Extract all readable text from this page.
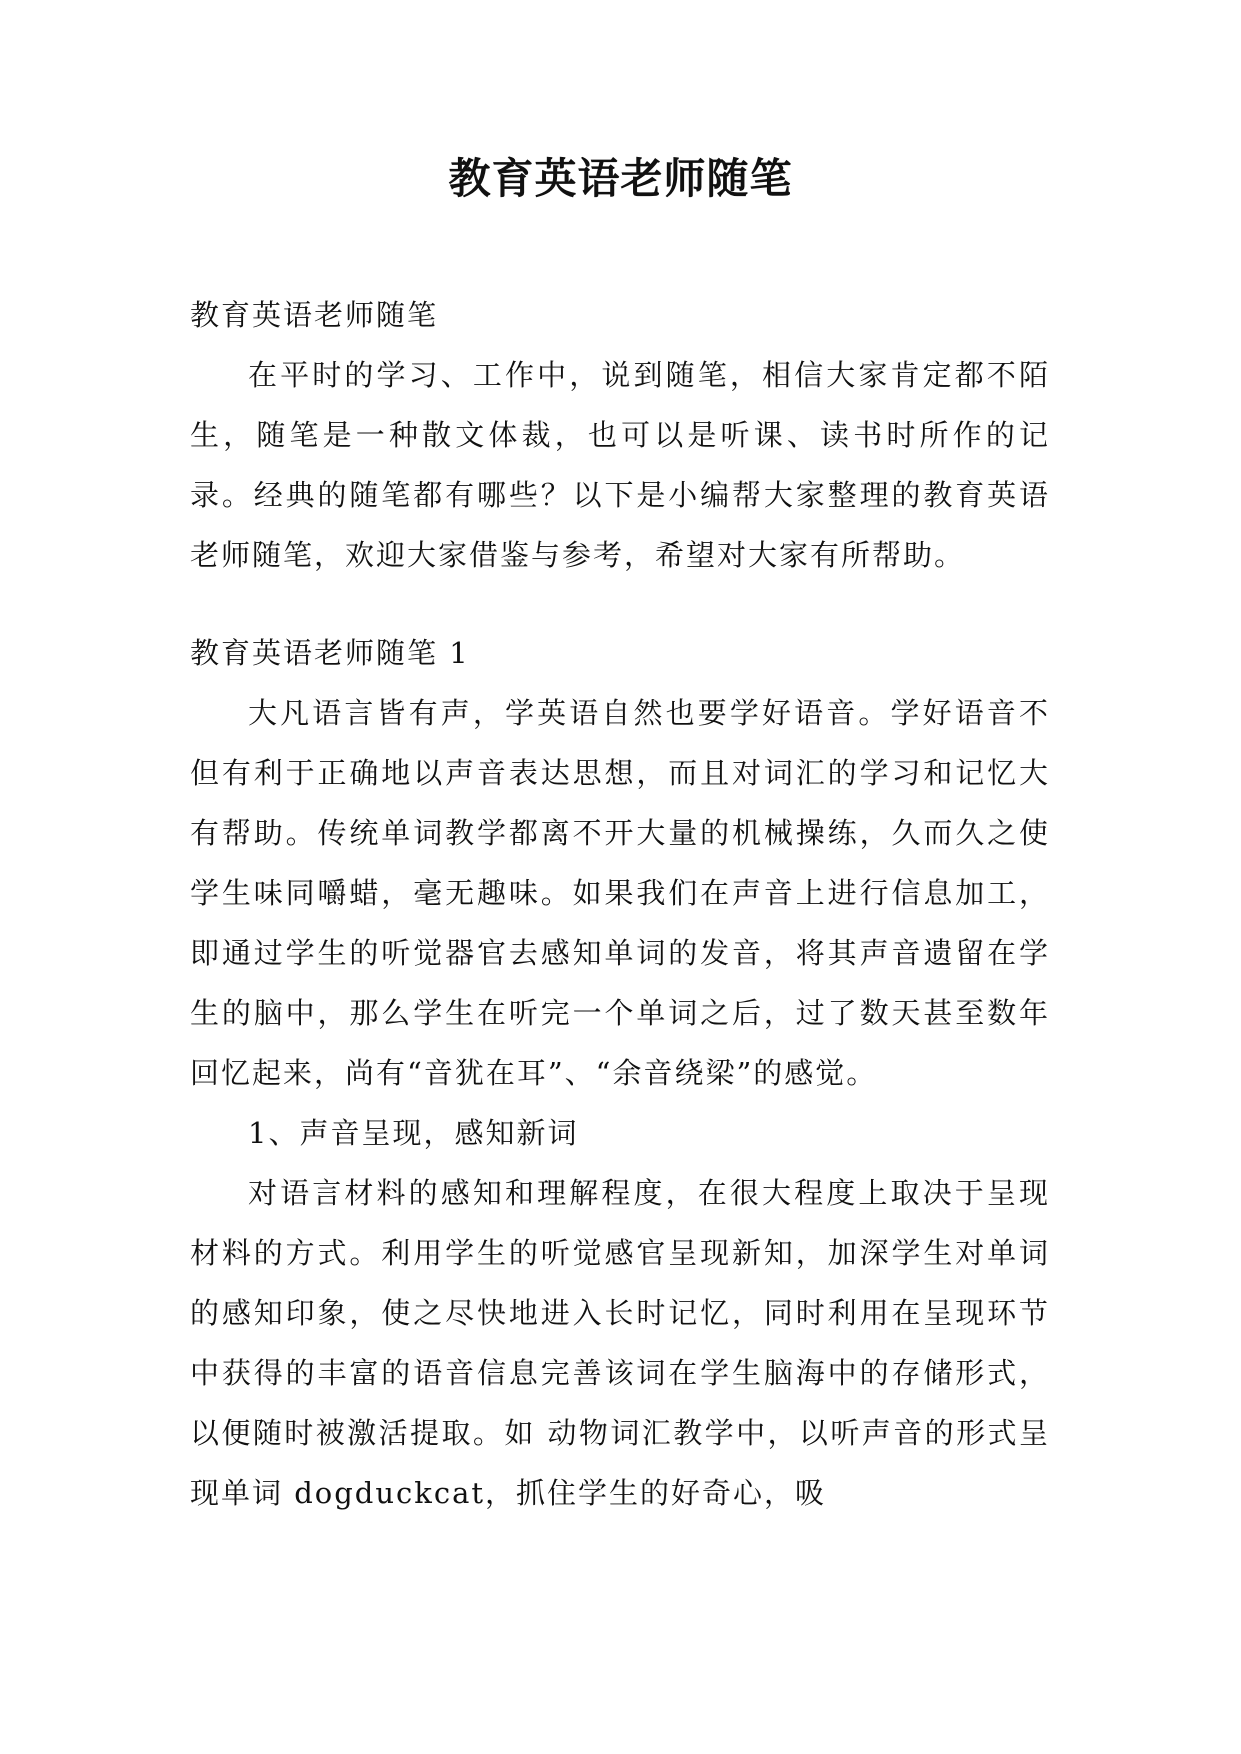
教育英语老师随笔

教育英语老师随笔

在平时的学习、工作中，说到随笔，相信大家肯定都不陌生，随笔是一种散文体裁，也可以是听课、读书时所作的记录。经典的随笔都有哪些？以下是小编帮大家整理的教育英语老师随笔，欢迎大家借鉴与参考，希望对大家有所帮助。

教育英语老师随笔 1

大凡语言皆有声，学英语自然也要学好语音。学好语音不但有利于正确地以声音表达思想，而且对词汇的学习和记忆大有帮助。传统单词教学都离不开大量的机械操练，久而久之使学生味同嚼蜡，毫无趣味。如果我们在声音上进行信息加工，即通过学生的听觉器官去感知单词的发音，将其声音遗留在学生的脑中，那么学生在听完一个单词之后，过了数天甚至数年回忆起来，尚有“音犹在耳”、“余音绕梁”的感觉。

1、声音呈现，感知新词

对语言材料的感知和理解程度，在很大程度上取决于呈现材料的方式。利用学生的听觉感官呈现新知，加深学生对单词的感知印象，使之尽快地进入长时记忆，同时利用在呈现环节中获得的丰富的语音信息完善该词在学生脑海中的存储形式，以便随时被激活提取。如 动物词汇教学中，以听声音的形式呈现单词 dogduckcat，抓住学生的好奇心，吸
